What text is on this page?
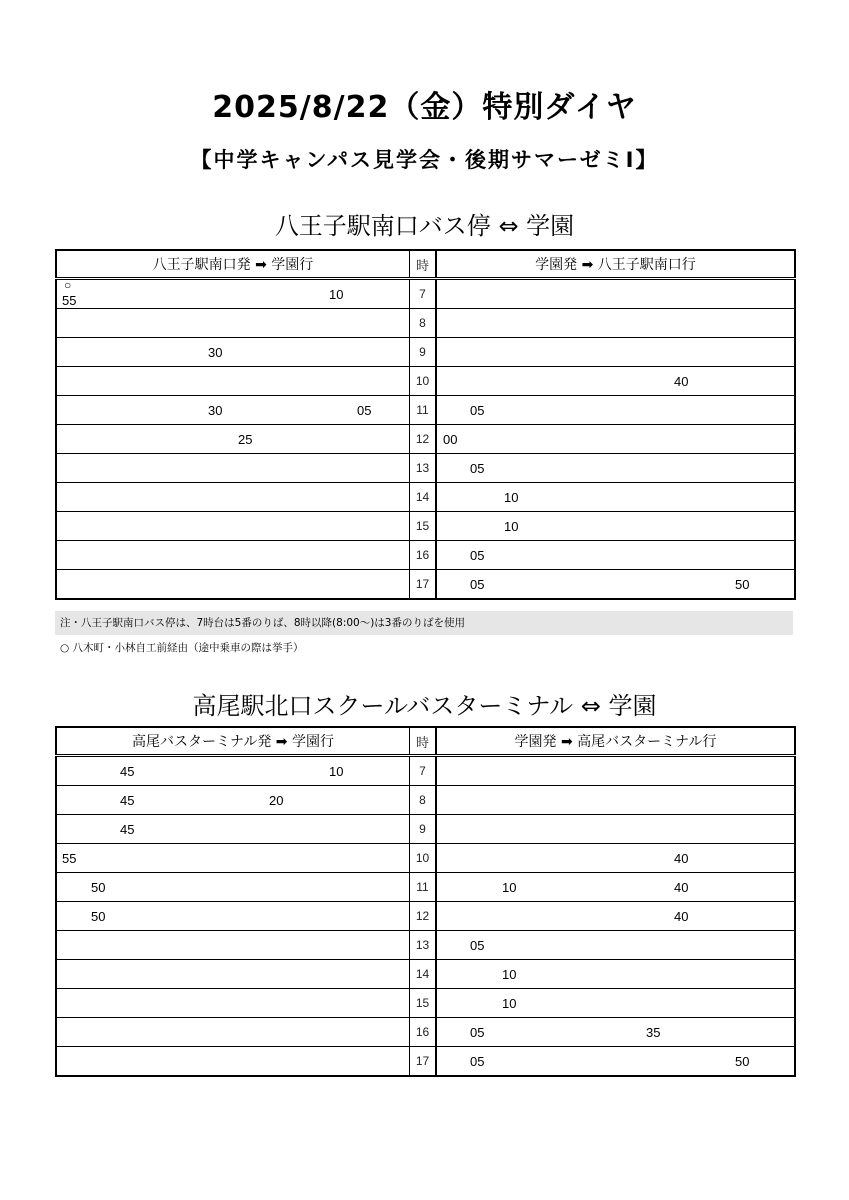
2025/8/22（金）特別ダイヤ
【中学キャンパス見学会・後期サマーゼミⅠ】
八王子駅南口バス停 ⇔ 学園
八王子駅南口発 ➡ 学園行	時	学園発 ➡ 八王子駅南口行

○
55 10	7	

	8	

30	9	

	10	40

30 05	11	05

25	12	00

	13	05

	14	10

	15	10

	16	05

	17	05 50
注・八王子駅南口バス停は、7時台は5番のりば、8時以降(8:00～)は3番のりばを使用
○ 八木町・小林自工前経由（途中乗車の際は挙手）
高尾駅北口スクールバスターミナル ⇔ 学園
高尾バスターミナル発 ➡ 学園行	時	学園発 ➡ 高尾バスターミナル行

45 10	7	

45 20	8	

45	9	

55	10	40

50	11	10 40

50	12	40

	13	05

	14	10

	15	10

	16	05 35

	17	05 50
